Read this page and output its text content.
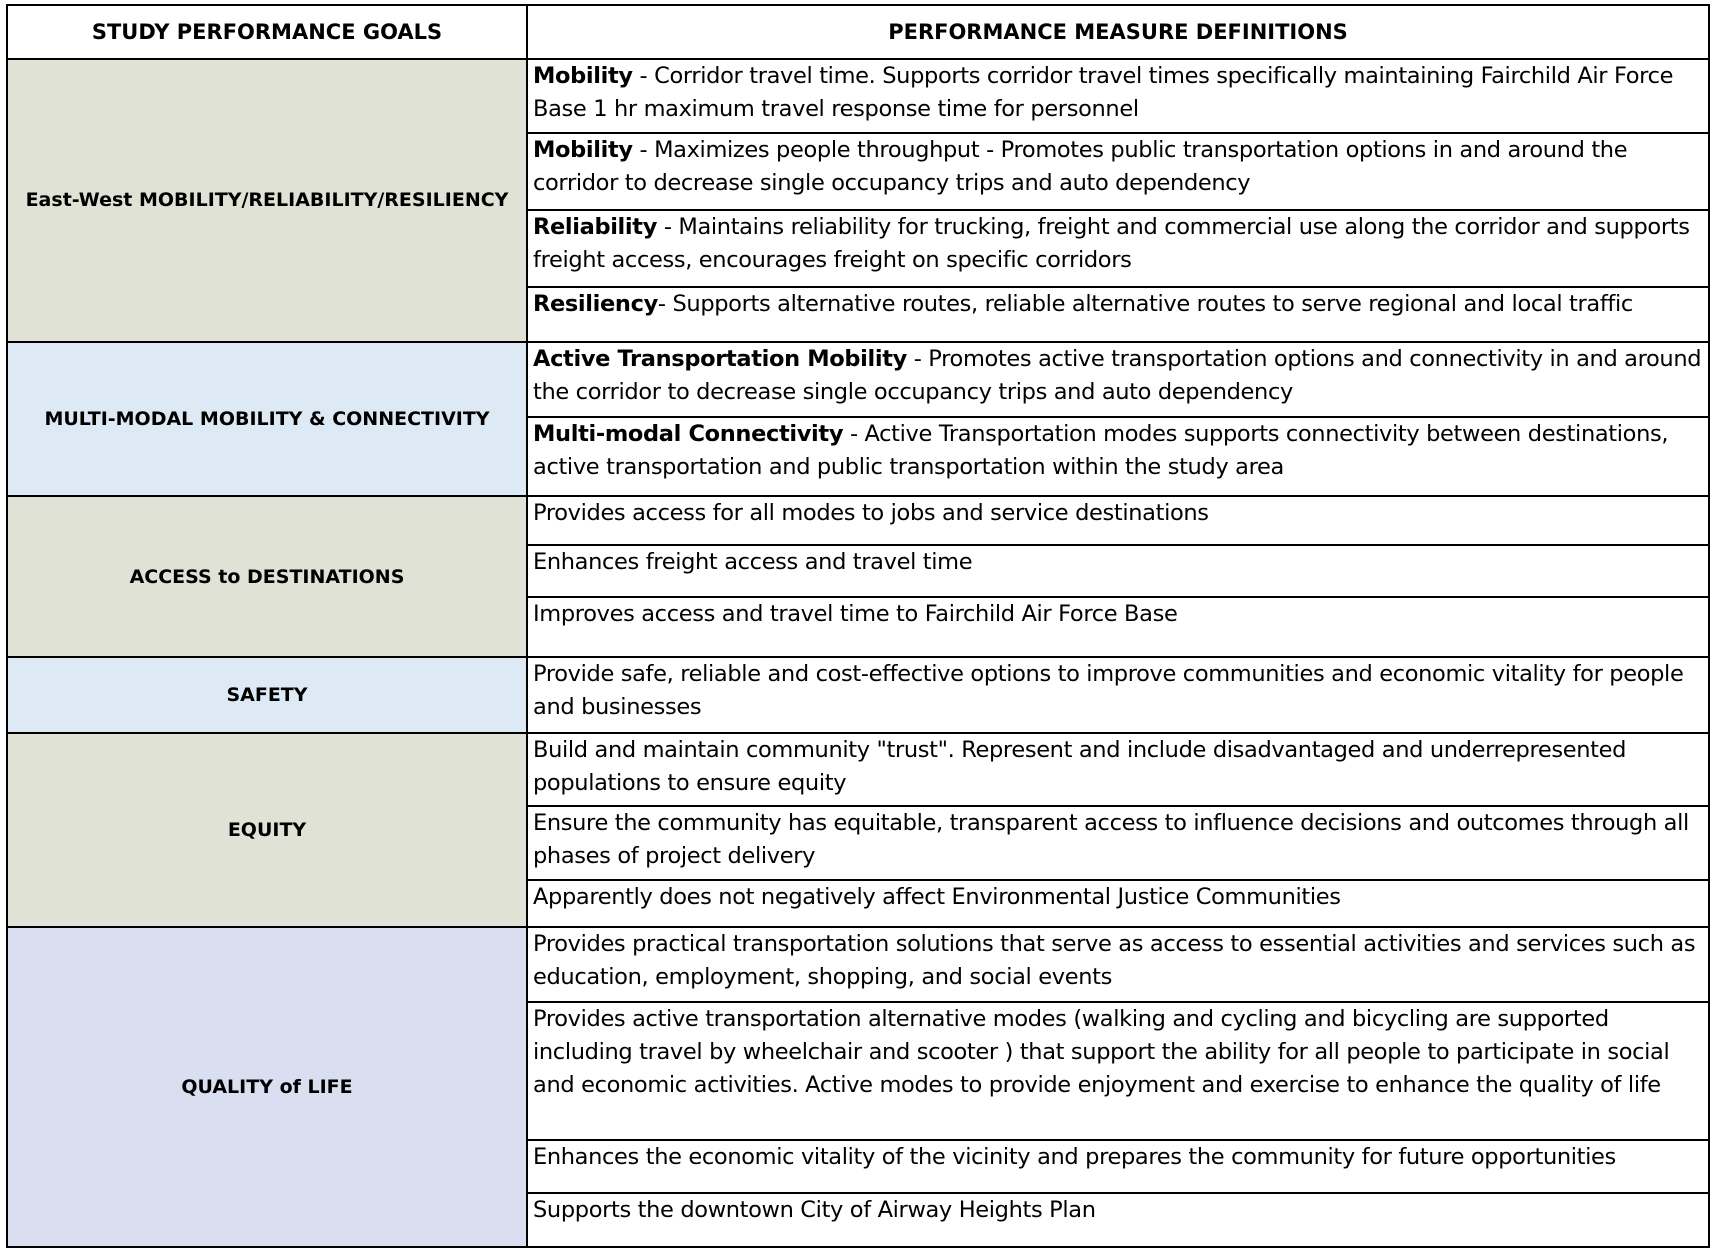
STUDY PERFORMANCE GOALS	PERFORMANCE MEASURE DEFINITIONS
East-West MOBILITY/RELIABILITY/RESILIENCY	Mobility - Corridor travel time. Supports corridor travel times specifically maintaining Fairchild Air Force Base 1 hr maximum travel response time for personnel
	Mobility - Maximizes people throughput - Promotes public transportation options in and around the corridor to decrease single occupancy trips and auto dependency
	Reliability - Maintains reliability for trucking, freight and commercial use along the corridor and supports freight access, encourages freight on specific corridors
	Resiliency- Supports alternative routes, reliable alternative routes to serve regional and local traffic
MULTI-MODAL MOBILITY & CONNECTIVITY	Active Transportation Mobility - Promotes active transportation options and connectivity in and around the corridor to decrease single occupancy trips and auto dependency
	Multi-modal Connectivity - Active Transportation modes supports connectivity between destinations, active transportation and public transportation within the study area
ACCESS to DESTINATIONS	Provides access for all modes to jobs and service destinations
	Enhances freight access and travel time
	Improves access and travel time to Fairchild Air Force Base
SAFETY	Provide safe, reliable and cost-effective options to improve communities and economic vitality for people and businesses
EQUITY	Build and maintain community "trust". Represent and include disadvantaged and underrepresented populations to ensure equity
	Ensure the community has equitable, transparent access to influence decisions and outcomes through all phases of project delivery
	Apparently does not negatively affect Environmental Justice Communities
QUALITY of LIFE	Provides practical transportation solutions that serve as access to essential activities and services such as education, employment, shopping, and social events
	Provides active transportation alternative modes (walking and cycling and bicycling are supported including travel by wheelchair and scooter ) that support the ability for all people to participate in social and economic activities. Active modes to provide enjoyment and exercise to enhance the quality of life
	Enhances the economic vitality of the vicinity and prepares the community for future opportunities
	Supports the downtown City of Airway Heights Plan
